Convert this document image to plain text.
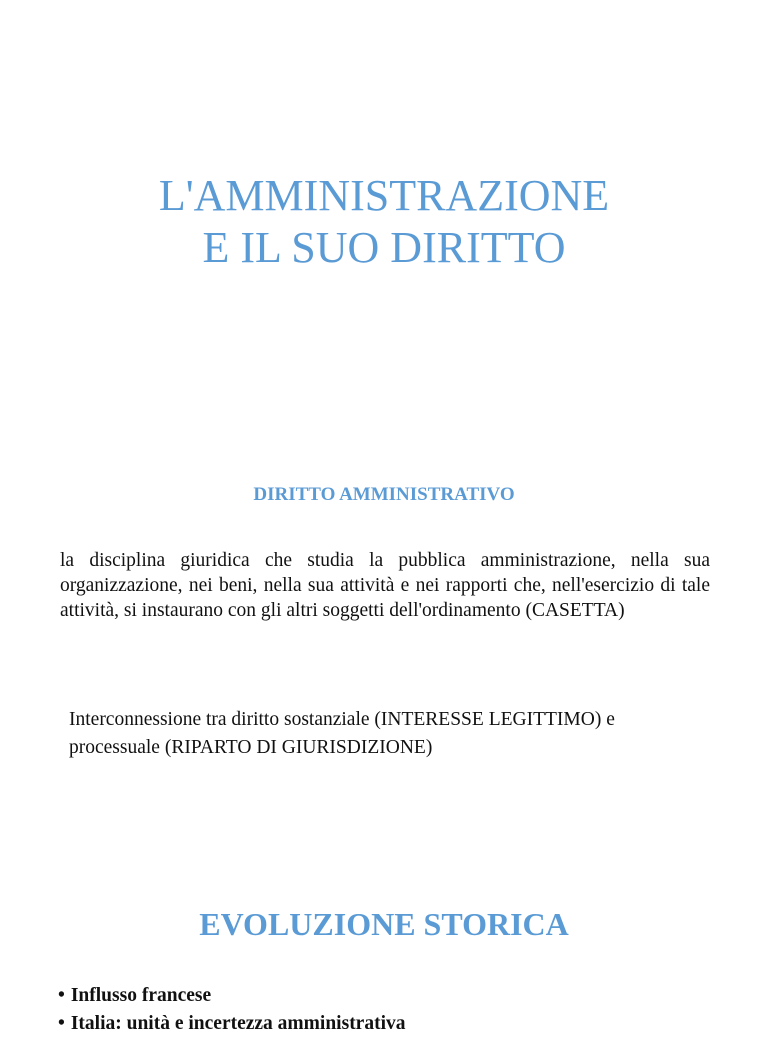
L'AMMINISTRAZIONE
E IL SUO DIRITTO
DIRITTO AMMINISTRATIVO

la disciplina giuridica che studia la pubblica amministrazione, nella sua organizzazione, nei beni, nella sua attività e nei rapporti che, nell'esercizio di tale attività, si instaurano con gli altri soggetti dell'ordinamento (CASETTA)

Interconnessione tra diritto sostanziale (INTERESSE LEGITTIMO) e processuale (RIPARTO DI GIURISDIZIONE)

EVOLUZIONE STORICA
• Influsso francese
• Italia: unità e incertezza amministrativa
